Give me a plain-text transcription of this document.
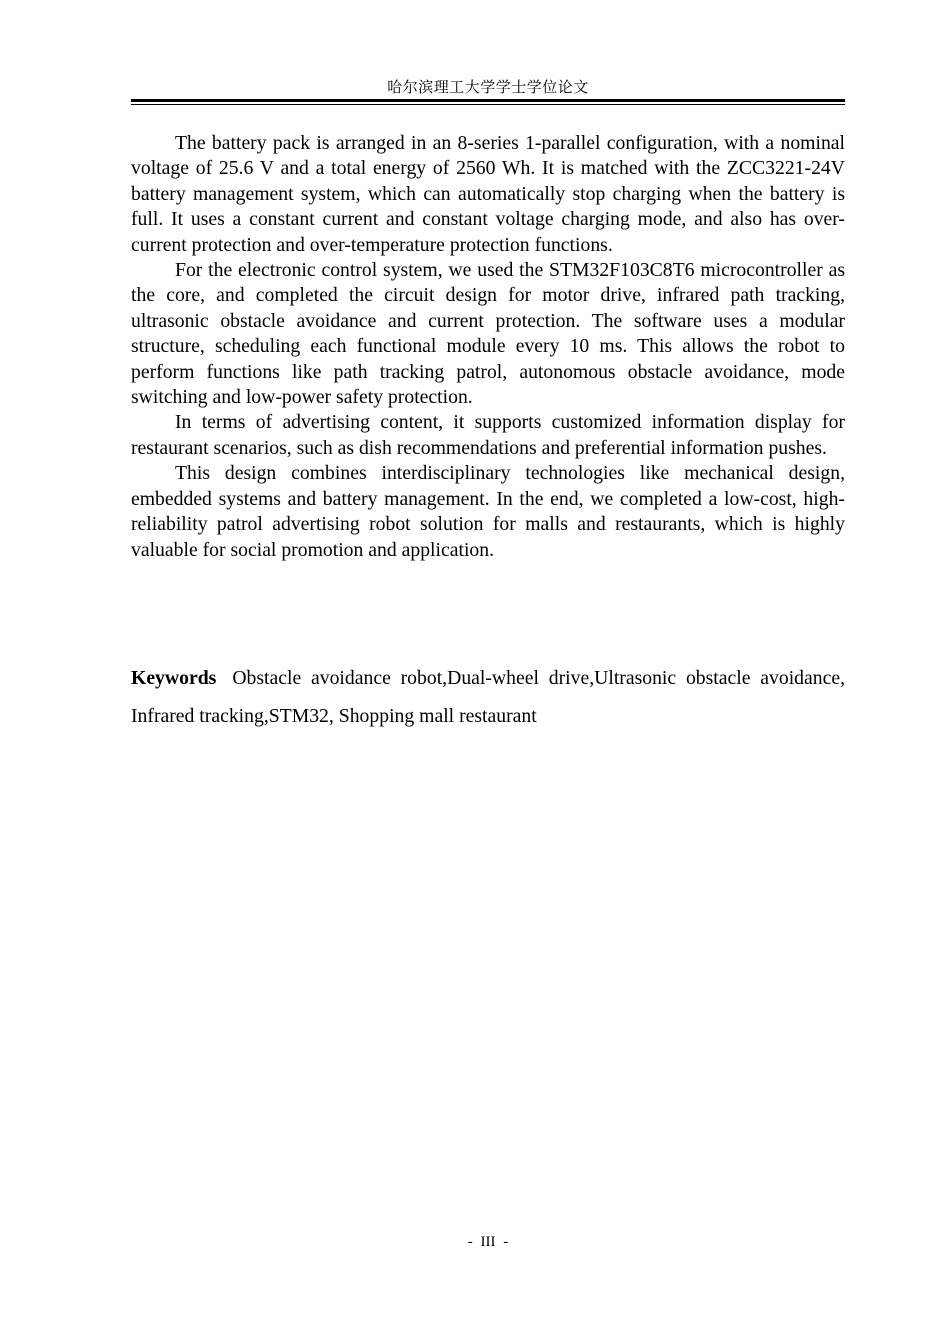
哈尔滨理工大学学士学位论文

The battery pack is arranged in an 8-series 1-parallel configuration, with a nominal voltage of 25.6 V and a total energy of 2560 Wh. It is matched with the ZCC3221-24V battery management system, which can automatically stop charging when the battery is full. It uses a constant current and constant voltage charging mode, and also has over-current protection and over-temperature protection functions.

For the electronic control system, we used the STM32F103C8T6 microcontroller as the core, and completed the circuit design for motor drive, infrared path tracking, ultrasonic obstacle avoidance and current protection. The software uses a modular structure, scheduling each functional module every 10 ms. This allows the robot to perform functions like path tracking patrol, autonomous obstacle avoidance, mode switching and low-power safety protection.

In terms of advertising content, it supports customized information display for restaurant scenarios, such as dish recommendations and preferential information pushes.

This design combines interdisciplinary technologies like mechanical design, embedded systems and battery management. In the end, we completed a low-cost, high-reliability patrol advertising robot solution for malls and restaurants, which is highly valuable for social promotion and application.

Keywords Obstacle avoidance robot,Dual-wheel drive,Ultrasonic obstacle avoidance, Infrared tracking,STM32, Shopping mall restaurant

- III -
